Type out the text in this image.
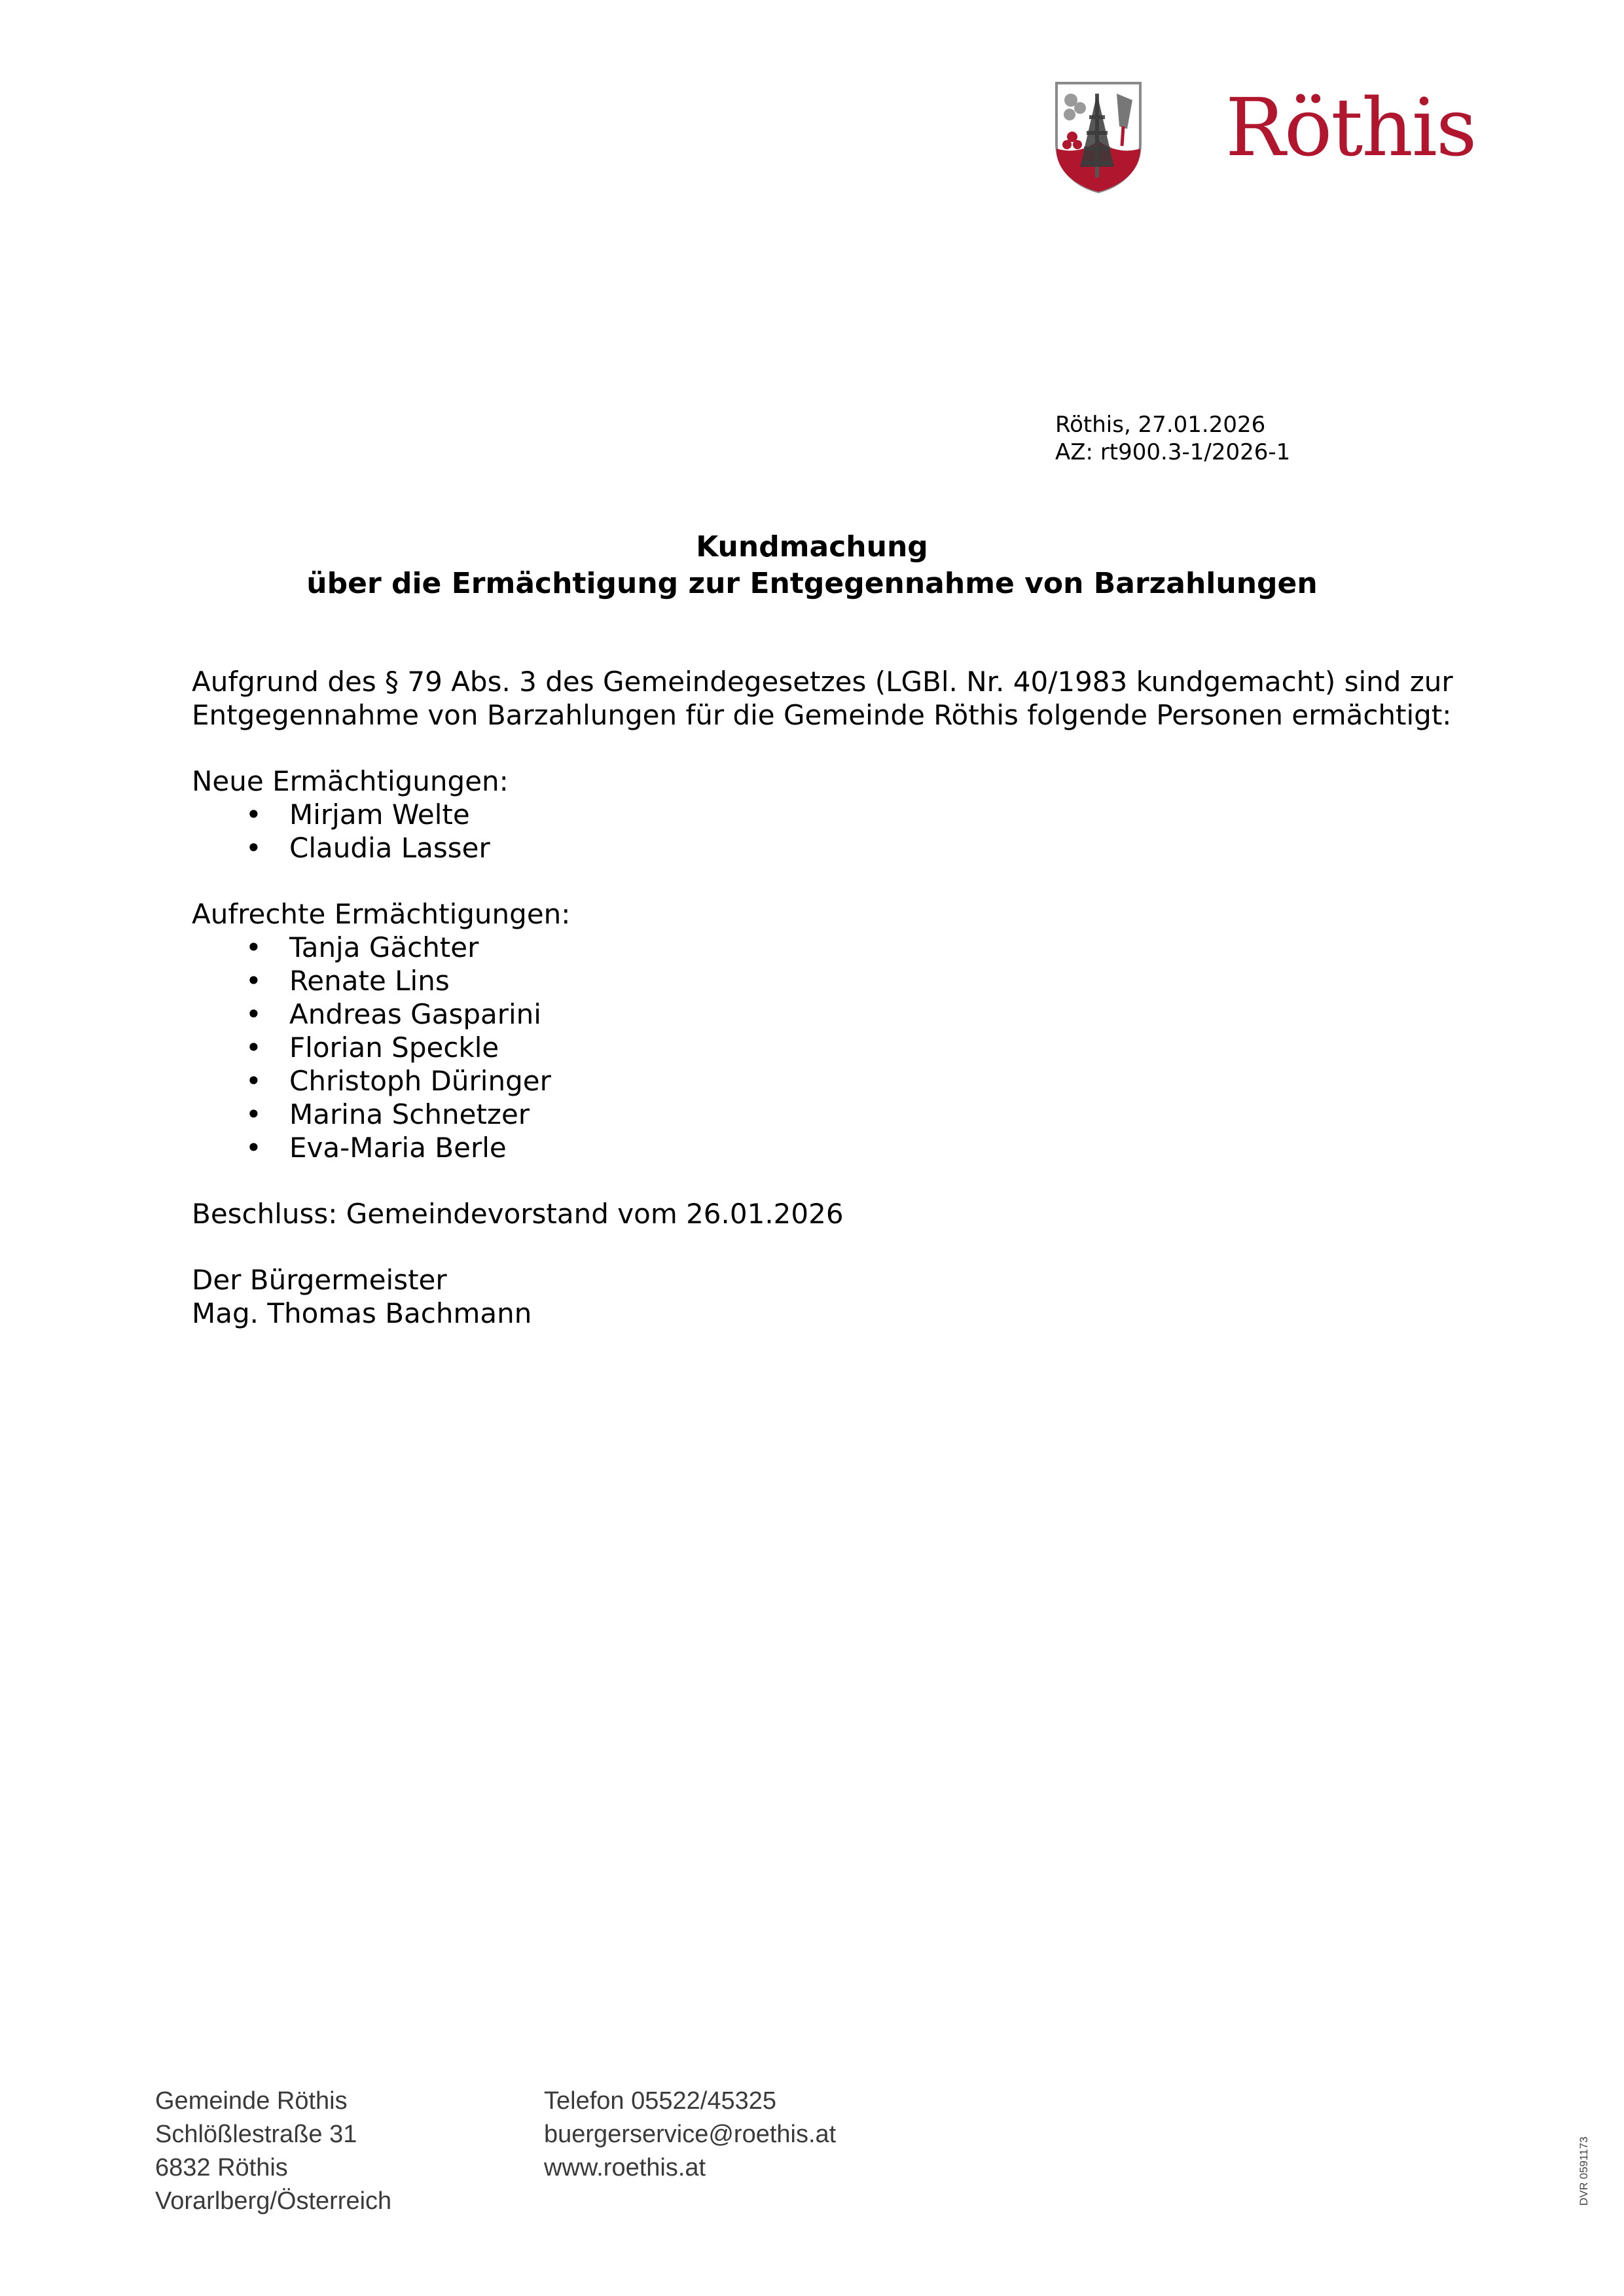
Röthis
Röthis, 27.01.2026
AZ: rt900.3-1/2026-1
Kundmachung
über die Ermächtigung zur Entgegennahme von Barzahlungen

Aufgrund des § 79 Abs. 3 des Gemeindegesetzes (LGBl. Nr. 40/1983 kundgemacht) sind zur

Entgegennahme von Barzahlungen für die Gemeinde Röthis folgende Personen ermächtigt:

Neue Ermächtigungen:

• Mirjam Welte
• Claudia Lasser

Aufrechte Ermächtigungen:

• Tanja Gächter
• Renate Lins
• Andreas Gasparini
• Florian Speckle
• Christoph Düringer
• Marina Schnetzer
• Eva-Maria Berle

Beschluss: Gemeindevorstand vom 26.01.2026

Der Bürgermeister

Mag. Thomas Bachmann

Gemeinde Röthis
Schlößlestraße 31
6832 Röthis
Vorarlberg/Österreich
Telefon 05522/45325
buergerservice@roethis.at
www.roethis.at	DVR 0591173
